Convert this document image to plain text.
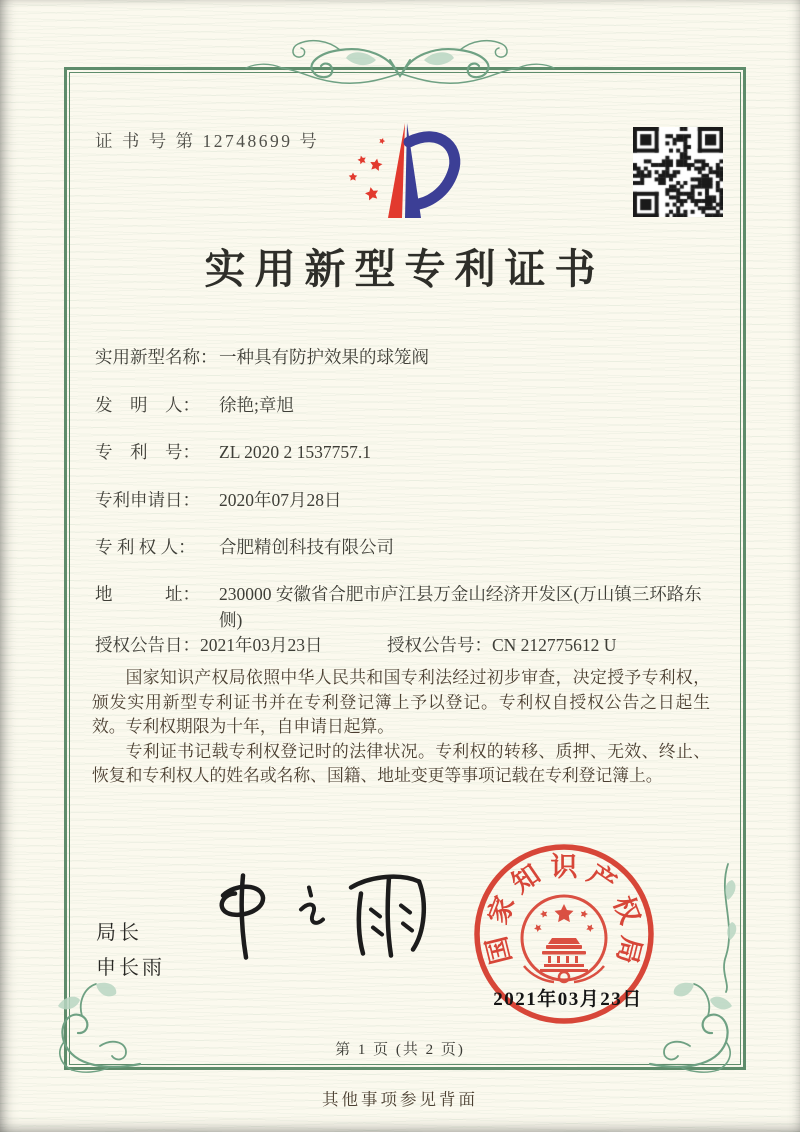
证 书 号 第 12748699 号
实用新型专利证书
实用新型名称： 一种具有防护效果的球笼阀
发　明　人：	徐艳;章旭
专　利　号：	ZL 2020 2 1537757.1
专利申请日：	2020年07月28日
专 利 权 人：	合肥精创科技有限公司
地　　　址：	230000 安徽省合肥市庐江县万金山经济开发区(万山镇三环路东侧)
授权公告日： 2021年03月23日	授权公告号： CN 212775612 U

国家知识产权局依照中华人民共和国专利法经过初步审查，决定授予专利权，颁发实用新型专利证书并在专利登记簿上予以登记。专利权自授权公告之日起生效。专利权期限为十年，自申请日起算。

专利证书记载专利权登记时的法律状况。专利权的转移、质押、无效、终止、恢复和专利权人的姓名或名称、国籍、地址变更等事项记载在专利登记簿上。

局长
申长雨
国
家
知 识 产
权
局
2021年03月23日
第 1 页 (共 2 页)
其他事项参见背面
